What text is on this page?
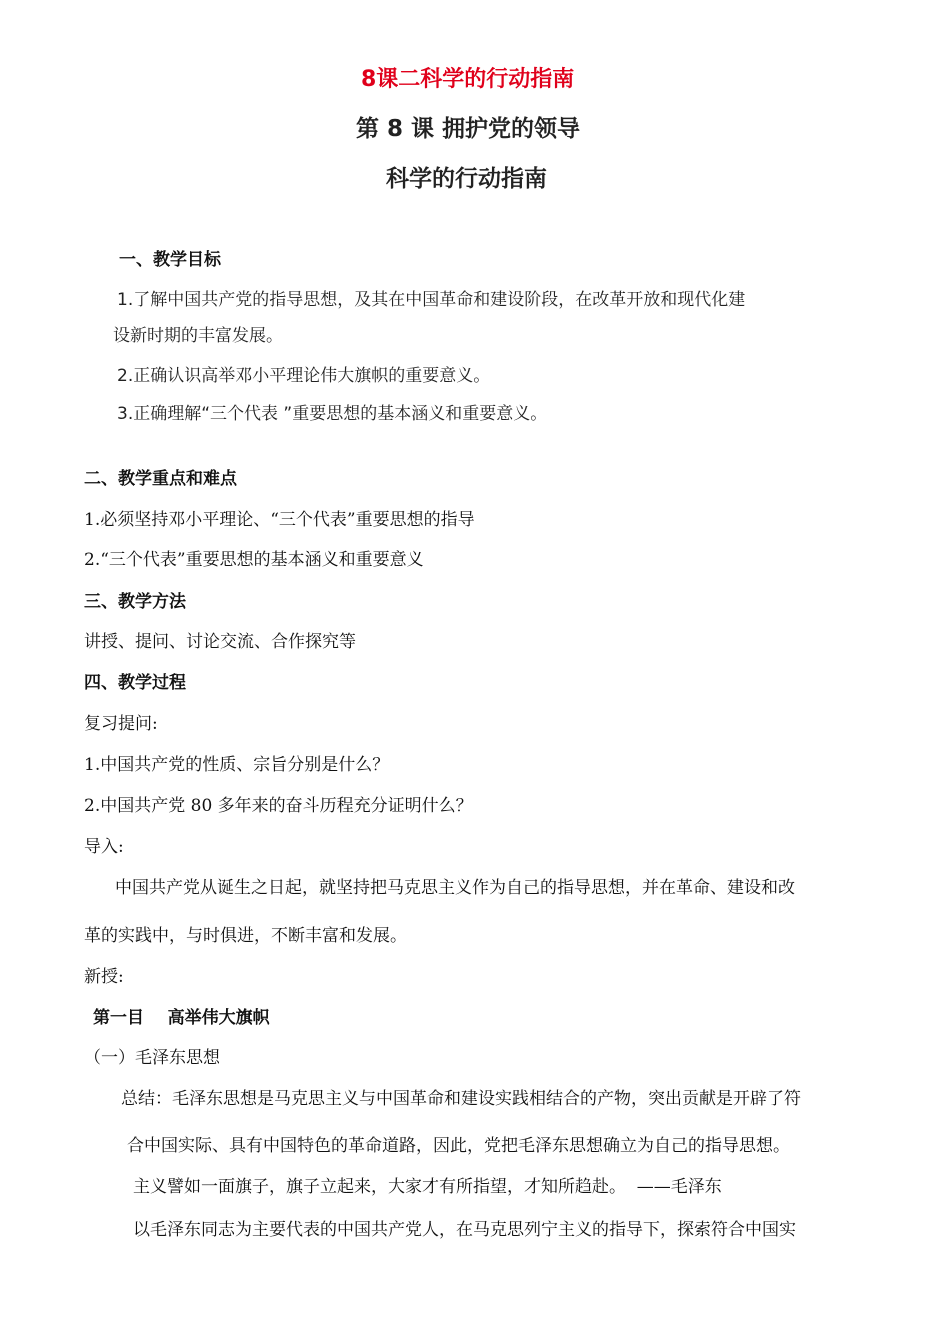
8课二科学的行动指南
第 8 课 拥护党的领导
科学的行动指南
一、教学目标
1.了解中国共产党的指导思想，及其在中国革命和建设阶段，在改革开放和现代化建
设新时期的丰富发展。
2.正确认识高举邓小平理论伟大旗帜的重要意义。
3.正确理解“三个代表 ”重要思想的基本涵义和重要意义。
二、教学重点和难点
1.必须坚持邓小平理论、“三个代表”重要思想的指导
2.“三个代表”重要思想的基本涵义和重要意义
三、教学方法
讲授、提问、讨论交流、合作探究等
四、教学过程
复习提问:
1.中国共产党的性质、宗旨分别是什么？
2.中国共产党 80 多年来的奋斗历程充分证明什么？
导入:
中国共产党从诞生之日起，就坚持把马克思主义作为自己的指导思想，并在革命、建设和改
革的实践中，与时俱进，不断丰富和发展。
新授:
第一目    高举伟大旗帜
（一）毛泽东思想
总结：毛泽东思想是马克思主义与中国革命和建设实践相结合的产物，突出贡献是开辟了符
合中国实际、具有中国特色的革命道路，因此，党把毛泽东思想确立为自己的指导思想。
主义譬如一面旗子，旗子立起来，大家才有所指望，才知所趋赴。  ——毛泽东
以毛泽东同志为主要代表的中国共产党人，在马克思列宁主义的指导下，探索符合中国实
